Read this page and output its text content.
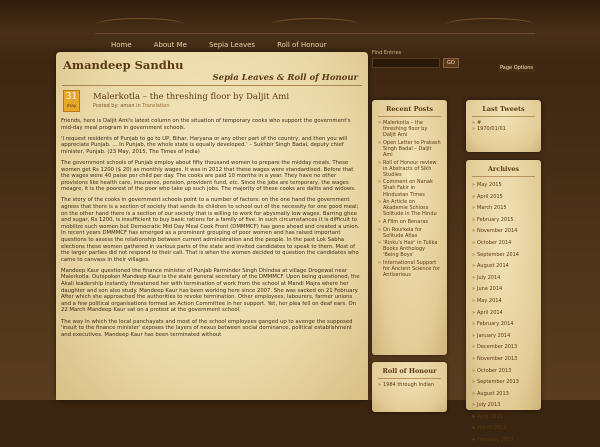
Home	About Me	Sepia Leaves	Roll of Honour
Find Entries
GO
Page Options
Amandeep Sandhu
Sepia Leaves & Roll of Honour
31
may
Malerkotla – the threshing floor by Daljit Ami
Posted by: aman in Translation

Friends, here is Daljit Ami's latest column on the situation of temporary cooks who support the government's mid-day meal program in government schools.

'I request residents of Punjab to go to UP, Bihar, Haryana or any other part of the country, and then you will appreciate Punjab. … In Punjab, the whole state is equally developed.' – Sukhbir Singh Badal, deputy chief minister, Punjab. (23 May, 2015, The Times of India)

The government schools of Punjab employ about fifty thousand women to prepare the midday meals. These women get Rs 1200 ($ 20) as monthly wages. It was in 2012 that these wages were standardised. Before that the wages were 40 paise per child per day. The cooks are paid 10 months in a year. They have no other provisions like health care, insurance, pension, provident fund, etc. Since the jobs are temporary, the wages meagre, it is the poorest of the poor who take up such jobs. The majority of these cooks are dalits and widows.

The story of the cooks in government schools point to a number of factors: on the one hand the government agrees that there is a section of society that sends its children to school out of the necessity for one good meal; on the other hand there is a section of our society that is willing to work for abysmally low wages. Barring ghee and sugar, Rs 1200, is insufficient to buy basic rations for a family of five. In such circumstances it is difficult to mobilize such women but Democratic Mid Day Meal Cook Front (DMMMCF) has gone ahead and created a union. In recent years DMMMCF has emerged as a prominent grouping of poor women and has raised important questions to assess the relationship between current administration and the people. In the past Lok Sabha elections these women gathered in various parts of the state and invited candidates to speak to them. Most of the larger parties did not respond to their call. That is when the women decided to question the candidates who came to canvass in their villages.

Mandeep Kaur questioned the finance minister of Punjab Parminder Singh Dhindsa at village Drogewal near Malerkotla. Outspoken Mandeep Kaur is the state general secretary of the DMMMCF. Upon being questioned, the Akali leadership instantly threatened her with termination of work from the school at Mandi Majra where her daughter and son also study. Mandeep Kaur has been working here since 2007. She was sacked on 21 February. After which she approached the authorities to revoke termination. Other employees, labourers, farmer unions and a few political organisations formed an Action Committee in her support. Yet, her plea fell on deaf ears. On 22 March Mandeep Kaur sat on a protest at the government school.

The way in which the local panchayats and most of the school employees ganged up to avenge the supposed 'insult to the finance minister' exposes the layers of nexus between social dominance, political establishment and executives. Mandeep Kaur has been terminated without

Recent Posts
» Malerkotla – the threshing floor by Daljit Ami
» Open Letter to Prakash Singh Badal – Daljit Ami
» Roll of Honour review in Abstracts of Sikh Studies
» Comment on Nanak Shah Fakir in Hindustan Times
» An Article on Akademie Schloss Solitude in The Hindu
» A Film on Benaras
» On Rourkela for Solitude Atlas
» 'Rinku's Hair' in Tulika Books Anthology 'Being Boys'
» International Support for Ancient Science for Antiserious
Roll of Honour
» 1984 through Indian
Last Tweets
» #
» 1970/01/01
Archives
» May 2015
» April 2015
» March 2015
» February 2015
» November 2014
» October 2014
» September 2014
» August 2014
» July 2014
» June 2014
» May 2014
» April 2014
» February 2014
» January 2014
» December 2013
» November 2013
» October 2013
» September 2013
» August 2013
» July 2013
» April 2013
» March 2013
» February 2013
